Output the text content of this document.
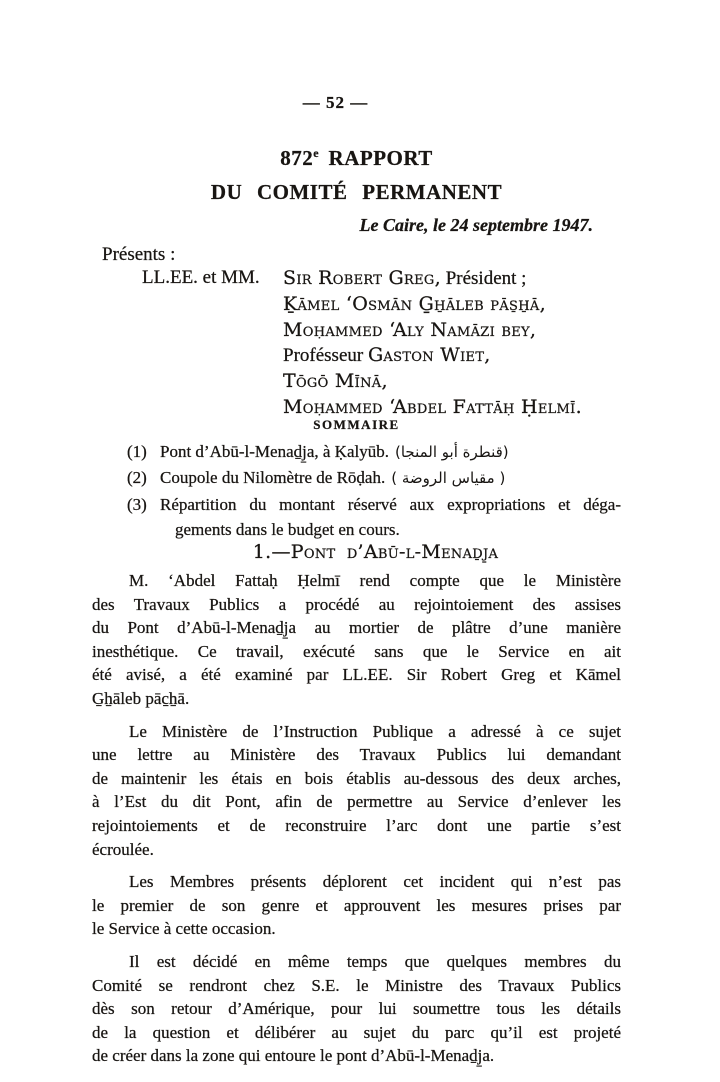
— 52 —
872e RAPPORT
DU COMITÉ PERMANENT
Le Caire, le 24 septembre 1947.
Présents :
LL.EE. et MM.	Sir Robert Greg, Président ;
Ḵāmel ʻOsmān G̱ẖāleb pās̱ẖā,
Moḥammed ʻAly Namāzi bey,
Profésseur Gaston Wiet,
Tōgō Mīnā,
Moḥammed ʻAbdel Fattāḥ Ḥelmī.
SOMMAIRE
(1) Pont d’Abū-l-Menaḏj̱a, à Ḳalyūb. (قنطرة أبو المنجا)
(2) Coupole du Nilomètre de Rōḍah. ( مقياس الروضة )
(3) Répartition du montant réservé aux expropriations et déga-
gements dans le budget en cours.
1.—Pont d’Abū-l-Menaḏj̱a
M. ʻAbdel Fattaḥ Ḥelmī rend compte que le Ministère
des Travaux Publics a procédé au rejointoiement des assises
du Pont d’Abū-l-Menaḏj̱a au mortier de plâtre d’une manière
inesthétique. Ce travail, exécuté sans que le Service en ait
été avisé, a été examiné par LL.EE. Sir Robert Greg et Kāmel
G̱ẖāleb pāc̱ẖā.
Le Ministère de l’Instruction Publique a adressé à ce sujet
une lettre au Ministère des Travaux Publics lui demandant
de maintenir les étais en bois établis au-dessous des deux arches,
à l’Est du dit Pont, afin de permettre au Service d’enlever les
rejointoiements et de reconstruire l’arc dont une partie s’est
écroulée.
Les Membres présents déplorent cet incident qui n’est pas
le premier de son genre et approuvent les mesures prises par
le Service à cette occasion.
Il est décidé en même temps que quelques membres du
Comité se rendront chez S.E. le Ministre des Travaux Publics
dès son retour d’Amérique, pour lui soumettre tous les détails
de la question et délibérer au sujet du parc qu’il est projeté
de créer dans la zone qui entoure le pont d’Abū-l-Menaḏj̱a.
